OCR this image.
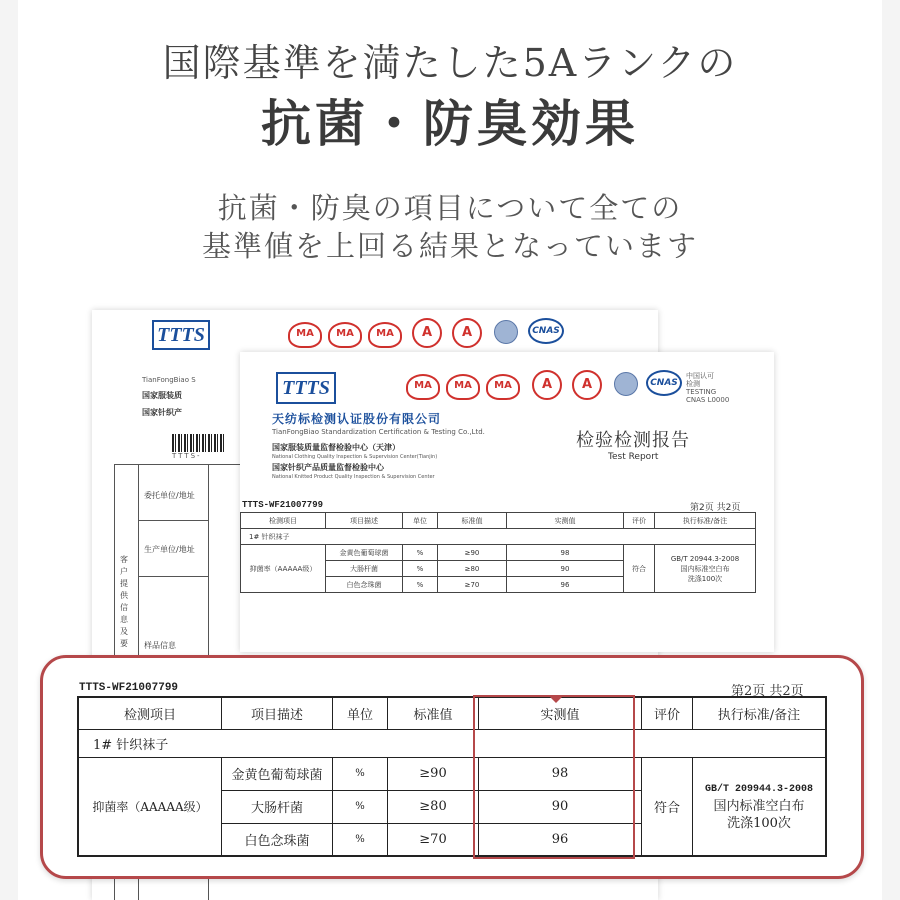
国際基準を満たした5Aランクの
抗菌・防臭効果
抗菌・防臭の項目について全ての
基準値を上回る結果となっています
TTTS	MA	MA	MA	A	A	CNAS
TianFongBiao S
国家服装质
国家针织产
TTTS-
委托单位/地址
生产单位/地址
样品信息
客户提供信息及要
TTTS	MA	MA	MA	A	A	CNAS
中国认可
检测
TESTING
CNAS L0000
天纺标检测认证股份有限公司
TianFongBiao Standardization Certification & Testing Co.,Ltd.
国家服装质量监督检验中心（天津）
National Clothing Quality Inspection & Supervision Center(Tianjin)
国家针织产品质量监督检验中心
National Knitted Product Quality Inspection & Supervision Center
检验检测报告
Test Report
TTTS-WF21007799	第2页 共2页
检测项目	项目描述	单位	标准值	实测值	评价	执行标准/备注
1# 针织袜子						
抑菌率（AAAAA级）	金黄色葡萄球菌	%	≥90	98	符合	GB/T 20944.3-2008
国内标准空白布
洗涤100次

	大肠杆菌	%	≥80	90		
	白色念珠菌	%	≥70	96		
TTTS-WF21007799	第2页 共2页
检测项目	项目描述	单位	标准值	实测值	评价	执行标准/备注
1# 针织袜子						
抑菌率（AAAAA级）	金黄色葡萄球菌	%	≥90	98	符合	GB/T 209944.3-2008
国内标准空白布
洗涤100次

	大肠杆菌	%	≥80	90		
	白色念珠菌	%	≥70	96		
